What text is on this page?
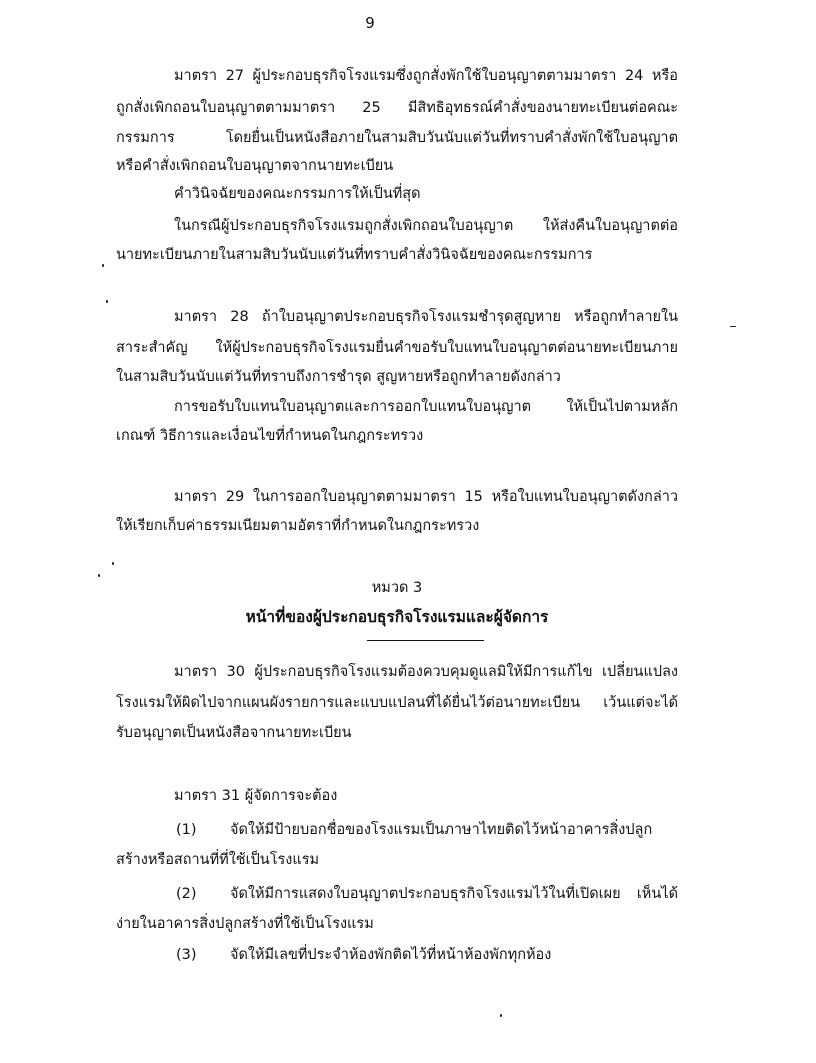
9
มาตรา 27 ผู้ประกอบธุรกิจโรงแรมซึ่งถูกสั่งพักใช้ใบอนุญาตตามมาตรา 24 หรือ
ถูกสั่งเพิกถอนใบอนุญาตตามมาตรา 25 มีสิทธิอุทธรณ์คำสั่งของนายทะเบียนต่อคณะ
กรรมการ โดยยื่นเป็นหนังสือภายในสามสิบวันนับแต่วันที่ทราบคำสั่งพักใช้ใบอนุญาต
หรือคำสั่งเพิกถอนใบอนุญาตจากนายทะเบียน
คำวินิจฉัยของคณะกรรมการให้เป็นที่สุด
ในกรณีผู้ประกอบธุรกิจโรงแรมถูกสั่งเพิกถอนใบอนุญาต ให้ส่งคืนใบอนุญาตต่อ
นายทะเบียนภายในสามสิบวันนับแต่วันที่ทราบคำสั่งวินิจฉัยของคณะกรรมการ
มาตรา 28 ถ้าใบอนุญาตประกอบธุรกิจโรงแรมชำรุดสูญหาย หรือถูกทำลายใน
สาระสำคัญ ให้ผู้ประกอบธุรกิจโรงแรมยื่นคำขอรับใบแทนใบอนุญาตต่อนายทะเบียนภาย
ในสามสิบวันนับแต่วันที่ทราบถึงการชำรุด สูญหายหรือถูกทำลายดังกล่าว
การขอรับใบแทนใบอนุญาตและการออกใบแทนใบอนุญาต ให้เป็นไปตามหลัก
เกณฑ์ วิธีการและเงื่อนไขที่กำหนดในกฎกระทรวง
มาตรา 29 ในการออกใบอนุญาตตามมาตรา 15 หรือใบแทนใบอนุญาตดังกล่าว
ให้เรียกเก็บค่าธรรมเนียมตามอัตราที่กำหนดในกฎกระทรวง
หมวด 3
หน้าที่ของผู้ประกอบธุรกิจโรงแรมและผู้จัดการ
มาตรา 30 ผู้ประกอบธุรกิจโรงแรมต้องควบคุมดูแลมิให้มีการแก้ไข เปลี่ยนแปลง
โรงแรมให้ผิดไปจากแผนผังรายการและแบบแปลนที่ได้ยื่นไว้ต่อนายทะเบียน เว้นแต่จะได้
รับอนุญาตเป็นหนังสือจากนายทะเบียน
มาตรา 31 ผู้จัดการจะต้อง
(1) จัดให้มีป้ายบอกชื่อของโรงแรมเป็นภาษาไทยติดไว้หน้าอาคารสิ่งปลูก
สร้างหรือสถานที่ที่ใช้เป็นโรงแรม
(2) จัดให้มีการแสดงใบอนุญาตประกอบธุรกิจโรงแรมไว้ในที่เปิดเผย เห็นได้
ง่ายในอาคารสิ่งปลูกสร้างที่ใช้เป็นโรงแรม
(3) จัดให้มีเลขที่ประจำห้องพักติดไว้ที่หน้าห้องพักทุกห้อง
